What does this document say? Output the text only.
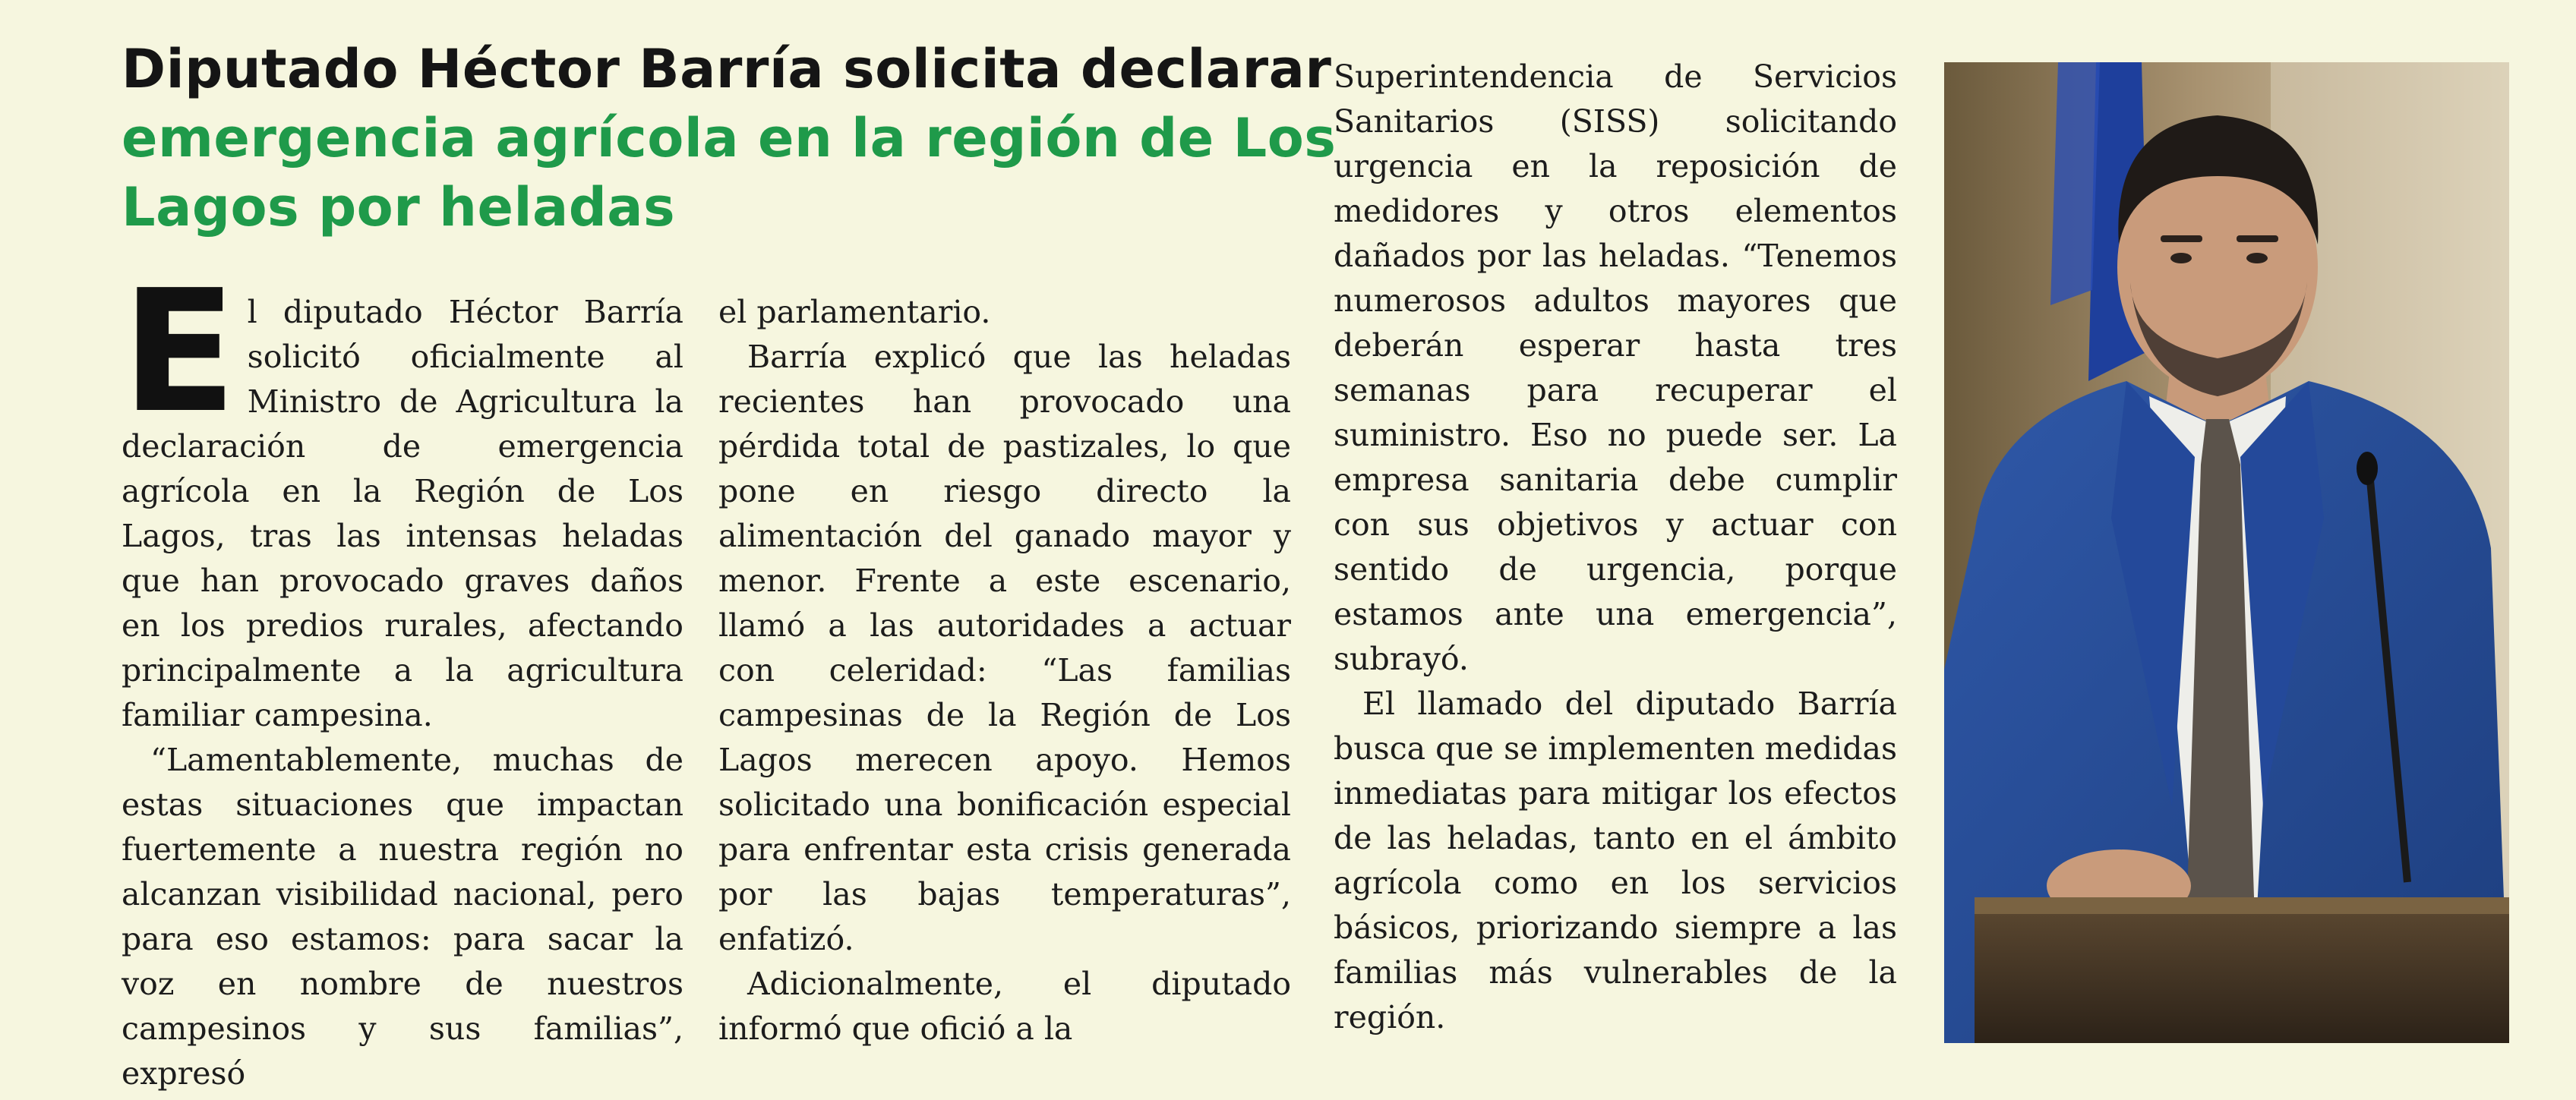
Diputado Héctor Barría solicita declarar emergencia agrícola en la región de Los Lagos por heladas

El diputado Héctor Barría solicitó oficialmente al Ministro de Agricultura la declaración de emergencia agrícola en la Región de Los Lagos, tras las intensas heladas que han provocado graves daños en los predios rurales, afectando principalmente a la agricultura familiar campesina.

“Lamentablemente, muchas de estas situaciones que impactan fuertemente a nuestra región no alcanzan visibilidad nacional, pero para eso estamos: para sacar la voz en nombre de nuestros campesinos y sus familias”, expresó

el parlamentario.

Barría explicó que las heladas recientes han provocado una pérdida total de pastizales, lo que pone en riesgo directo la alimentación del ganado mayor y menor. Frente a este escenario, llamó a las autoridades a actuar con celeridad: “Las familias campesinas de la Región de Los Lagos merecen apoyo. Hemos solicitado una bonificación especial para enfrentar esta crisis generada por las bajas temperaturas”, enfatizó.

Adicionalmente, el diputado informó que ofició a la

Superintendencia de Servicios Sanitarios (SISS) solicitando urgencia en la reposición de medidores y otros elementos dañados por las heladas. “Tenemos numerosos adultos mayores que deberán esperar hasta tres semanas para recuperar el suministro. Eso no puede ser. La empresa sanitaria debe cumplir con sus objetivos y actuar con sentido de urgencia, porque estamos ante una emergencia”, subrayó.

El llamado del diputado Barría busca que se implementen medidas inmediatas para mitigar los efectos de las heladas, tanto en el ámbito agrícola como en los servicios básicos, priorizando siempre a las familias más vulnerables de la región.
